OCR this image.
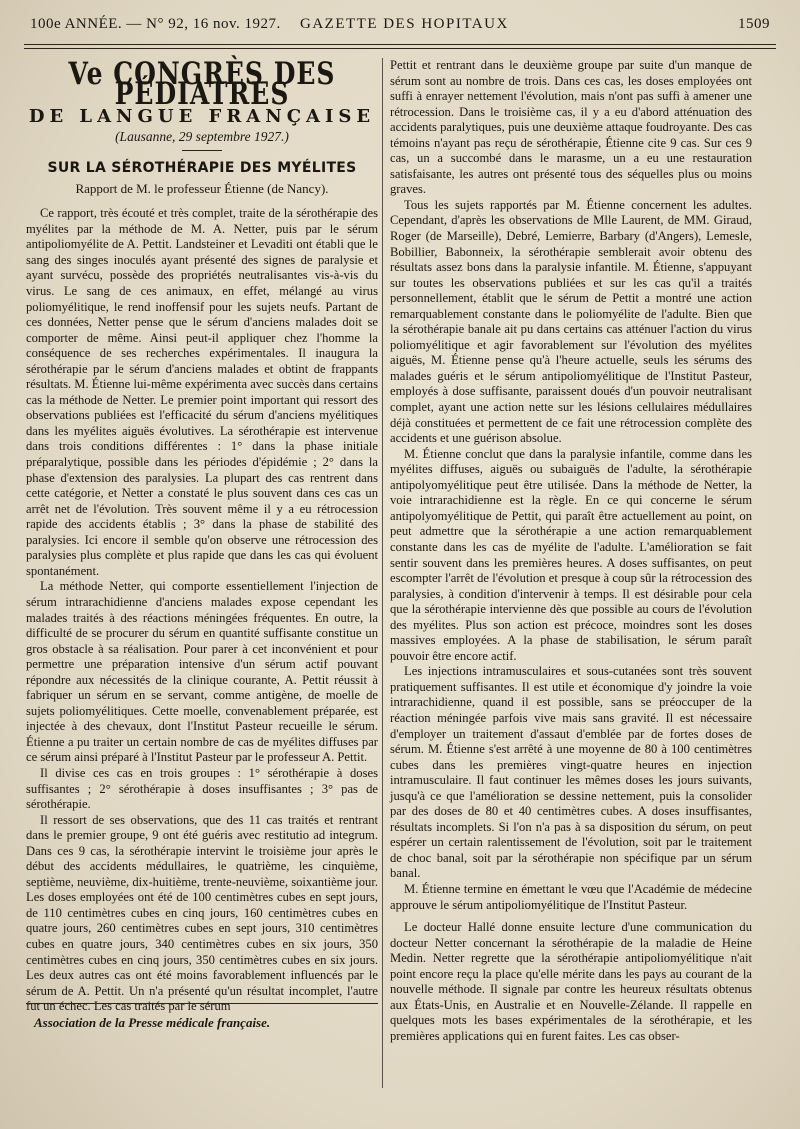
100e ANNÉE. — N° 92, 16 nov. 1927. GAZETTE DES HOPITAUX	1509
Ve CONGRÈS DES PÉDIATRES
DE LANGUE FRANÇAISE
(Lausanne, 29 septembre 1927.)
SUR LA SÉROTHÉRAPIE DES MYÉLITES
Rapport de M. le professeur Étienne (de Nancy).

Ce rapport, très écouté et très complet, traite de la sérothérapie des myélites par la méthode de M. A. Netter, puis par le sérum antipoliomyélite de A. Pettit. Landsteiner et Levaditi ont établi que le sang des singes inoculés ayant présenté des signes de paralysie et ayant survécu, possède des propriétés neutralisantes vis-à-vis du virus. Le sang de ces animaux, en effet, mélangé au virus poliomyélitique, le rend inoffensif pour les sujets neufs. Partant de ces données, Netter pense que le sérum d'anciens malades doit se comporter de même. Ainsi peut-il appliquer chez l'homme la conséquence de ses recherches expérimentales. Il inaugura la sérothérapie par le sérum d'anciens malades et obtint de frappants résultats. M. Étienne lui-même expérimenta avec succès dans certains cas la méthode de Netter. Le premier point important qui ressort des observations publiées est l'efficacité du sérum d'anciens myélitiques dans les myélites aiguës évolutives. La sérothérapie est intervenue dans trois conditions différentes : 1° dans la phase initiale préparalytique, possible dans les périodes d'épidémie ; 2° dans la phase d'extension des paralysies. La plupart des cas rentrent dans cette catégorie, et Netter a constaté le plus souvent dans ces cas un arrêt net de l'évolution. Très souvent même il y a eu rétrocession rapide des accidents établis ; 3° dans la phase de stabilité des paralysies. Ici encore il semble qu'on observe une rétrocession des paralysies plus complète et plus rapide que dans les cas qui évoluent spontanément.

La méthode Netter, qui comporte essentiellement l'injection de sérum intrarachidienne d'anciens malades expose cependant les malades traités à des réactions méningées fréquentes. En outre, la difficulté de se procurer du sérum en quantité suffisante constitue un gros obstacle à sa réalisation. Pour parer à cet inconvénient et pour permettre une préparation intensive d'un sérum actif pouvant répondre aux nécessités de la clinique courante, A. Pettit réussit à fabriquer un sérum en se servant, comme antigène, de moelle de sujets poliomyélitiques. Cette moelle, convenablement préparée, est injectée à des chevaux, dont l'Institut Pasteur recueille le sérum. Étienne a pu traiter un certain nombre de cas de myélites diffuses par ce sérum ainsi préparé à l'Institut Pasteur par le professeur A. Pettit.

Il divise ces cas en trois groupes : 1° sérothérapie à doses suffisantes ; 2° sérothérapie à doses insuffisantes ; 3° pas de sérothérapie.

Il ressort de ses observations, que des 11 cas traités et rentrant dans le premier groupe, 9 ont été guéris avec restitutio ad integrum. Dans ces 9 cas, la sérothérapie intervint le troisième jour après le début des accidents médullaires, le quatrième, les cinquième, septième, neuvième, dix-huitième, trente-neuvième, soixantième jour. Les doses employées ont été de 100 centimètres cubes en sept jours, de 110 centimètres cubes en cinq jours, 160 centimètres cubes en quatre jours, 260 centimètres cubes en sept jours, 310 centimètres cubes en quatre jours, 340 centimètres cubes en six jours, 350 centimètres cubes en cinq jours, 350 centimètres cubes en six jours. Les deux autres cas ont été moins favorablement influencés par le sérum de A. Pettit. Un n'a présenté qu'un résultat incomplet, l'autre fut un échec. Les cas traités par le sérum

Association de la Presse médicale française.

Pettit et rentrant dans le deuxième groupe par suite d'un manque de sérum sont au nombre de trois. Dans ces cas, les doses employées ont suffi à enrayer nettement l'évolution, mais n'ont pas suffi à amener une rétrocession. Dans le troisième cas, il y a eu d'abord atténuation des accidents paralytiques, puis une deuxième attaque foudroyante. Des cas témoins n'ayant pas reçu de sérothérapie, Étienne cite 9 cas. Sur ces 9 cas, un a succombé dans le marasme, un a eu une restauration satisfaisante, les autres ont présenté tous des séquelles plus ou moins graves.

Tous les sujets rapportés par M. Étienne concernent les adultes. Cependant, d'après les observations de Mlle Laurent, de MM. Giraud, Roger (de Marseille), Debré, Lemierre, Barbary (d'Angers), Lemesle, Bobillier, Babonneix, la sérothérapie semblerait avoir obtenu des résultats assez bons dans la paralysie infantile. M. Étienne, s'appuyant sur toutes les observations publiées et sur les cas qu'il a traités personnellement, établit que le sérum de Pettit a montré une action remarquablement constante dans le poliomyélite de l'adulte. Bien que la sérothérapie banale ait pu dans certains cas atténuer l'action du virus poliomyélitique et agir favorablement sur l'évolution des myélites aiguës, M. Étienne pense qu'à l'heure actuelle, seuls les sérums des malades guéris et le sérum antipoliomyélitique de l'Institut Pasteur, employés à dose suffisante, paraissent doués d'un pouvoir neutralisant complet, ayant une action nette sur les lésions cellulaires médullaires déjà constituées et permettent de ce fait une rétrocession complète des accidents et une guérison absolue.

M. Étienne conclut que dans la paralysie infantile, comme dans les myélites diffuses, aiguës ou subaiguës de l'adulte, la sérothérapie antipolyomyélitique peut être utilisée. Dans la méthode de Netter, la voie intrarachidienne est la règle. En ce qui concerne le sérum antipolyomyélitique de Pettit, qui paraît être actuellement au point, on peut admettre que la sérothérapie a une action remarquablement constante dans les cas de myélite de l'adulte. L'amélioration se fait sentir souvent dans les premières heures. A doses suffisantes, on peut escompter l'arrêt de l'évolution et presque à coup sûr la rétrocession des paralysies, à condition d'intervenir à temps. Il est désirable pour cela que la sérothérapie intervienne dès que possible au cours de l'évolution des myélites. Plus son action est précoce, moindres sont les doses massives employées. A la phase de stabilisation, le sérum paraît pouvoir être encore actif.

Les injections intramusculaires et sous-cutanées sont très souvent pratiquement suffisantes. Il est utile et économique d'y joindre la voie intrarachidienne, quand il est possible, sans se préoccuper de la réaction méningée parfois vive mais sans gravité. Il est nécessaire d'employer un traitement d'assaut d'emblée par de fortes doses de sérum. M. Étienne s'est arrêté à une moyenne de 80 à 100 centimètres cubes dans les premières vingt-quatre heures en injection intramusculaire. Il faut continuer les mêmes doses les jours suivants, jusqu'à ce que l'amélioration se dessine nettement, puis la consolider par des doses de 80 et 40 centimètres cubes. A doses insuffisantes, résultats incomplets. Si l'on n'a pas à sa disposition du sérum, on peut espérer un certain ralentissement de l'évolution, soit par le traitement de choc banal, soit par la sérothérapie non spécifique par un sérum banal.

M. Étienne termine en émettant le vœu que l'Académie de médecine approuve le sérum antipoliomyélitique de l'Institut Pasteur.

Le docteur Hallé donne ensuite lecture d'une communication du docteur Netter concernant la sérothérapie de la maladie de Heine Medin. Netter regrette que la sérothérapie antipoliomyélitique n'ait point encore reçu la place qu'elle mérite dans les pays au courant de la nouvelle méthode. Il signale par contre les heureux résultats obtenus aux États-Unis, en Australie et en Nouvelle-Zélande. Il rappelle en quelques mots les bases expérimentales de la sérothérapie, et les premières applications qui en furent faites. Les cas obser-
